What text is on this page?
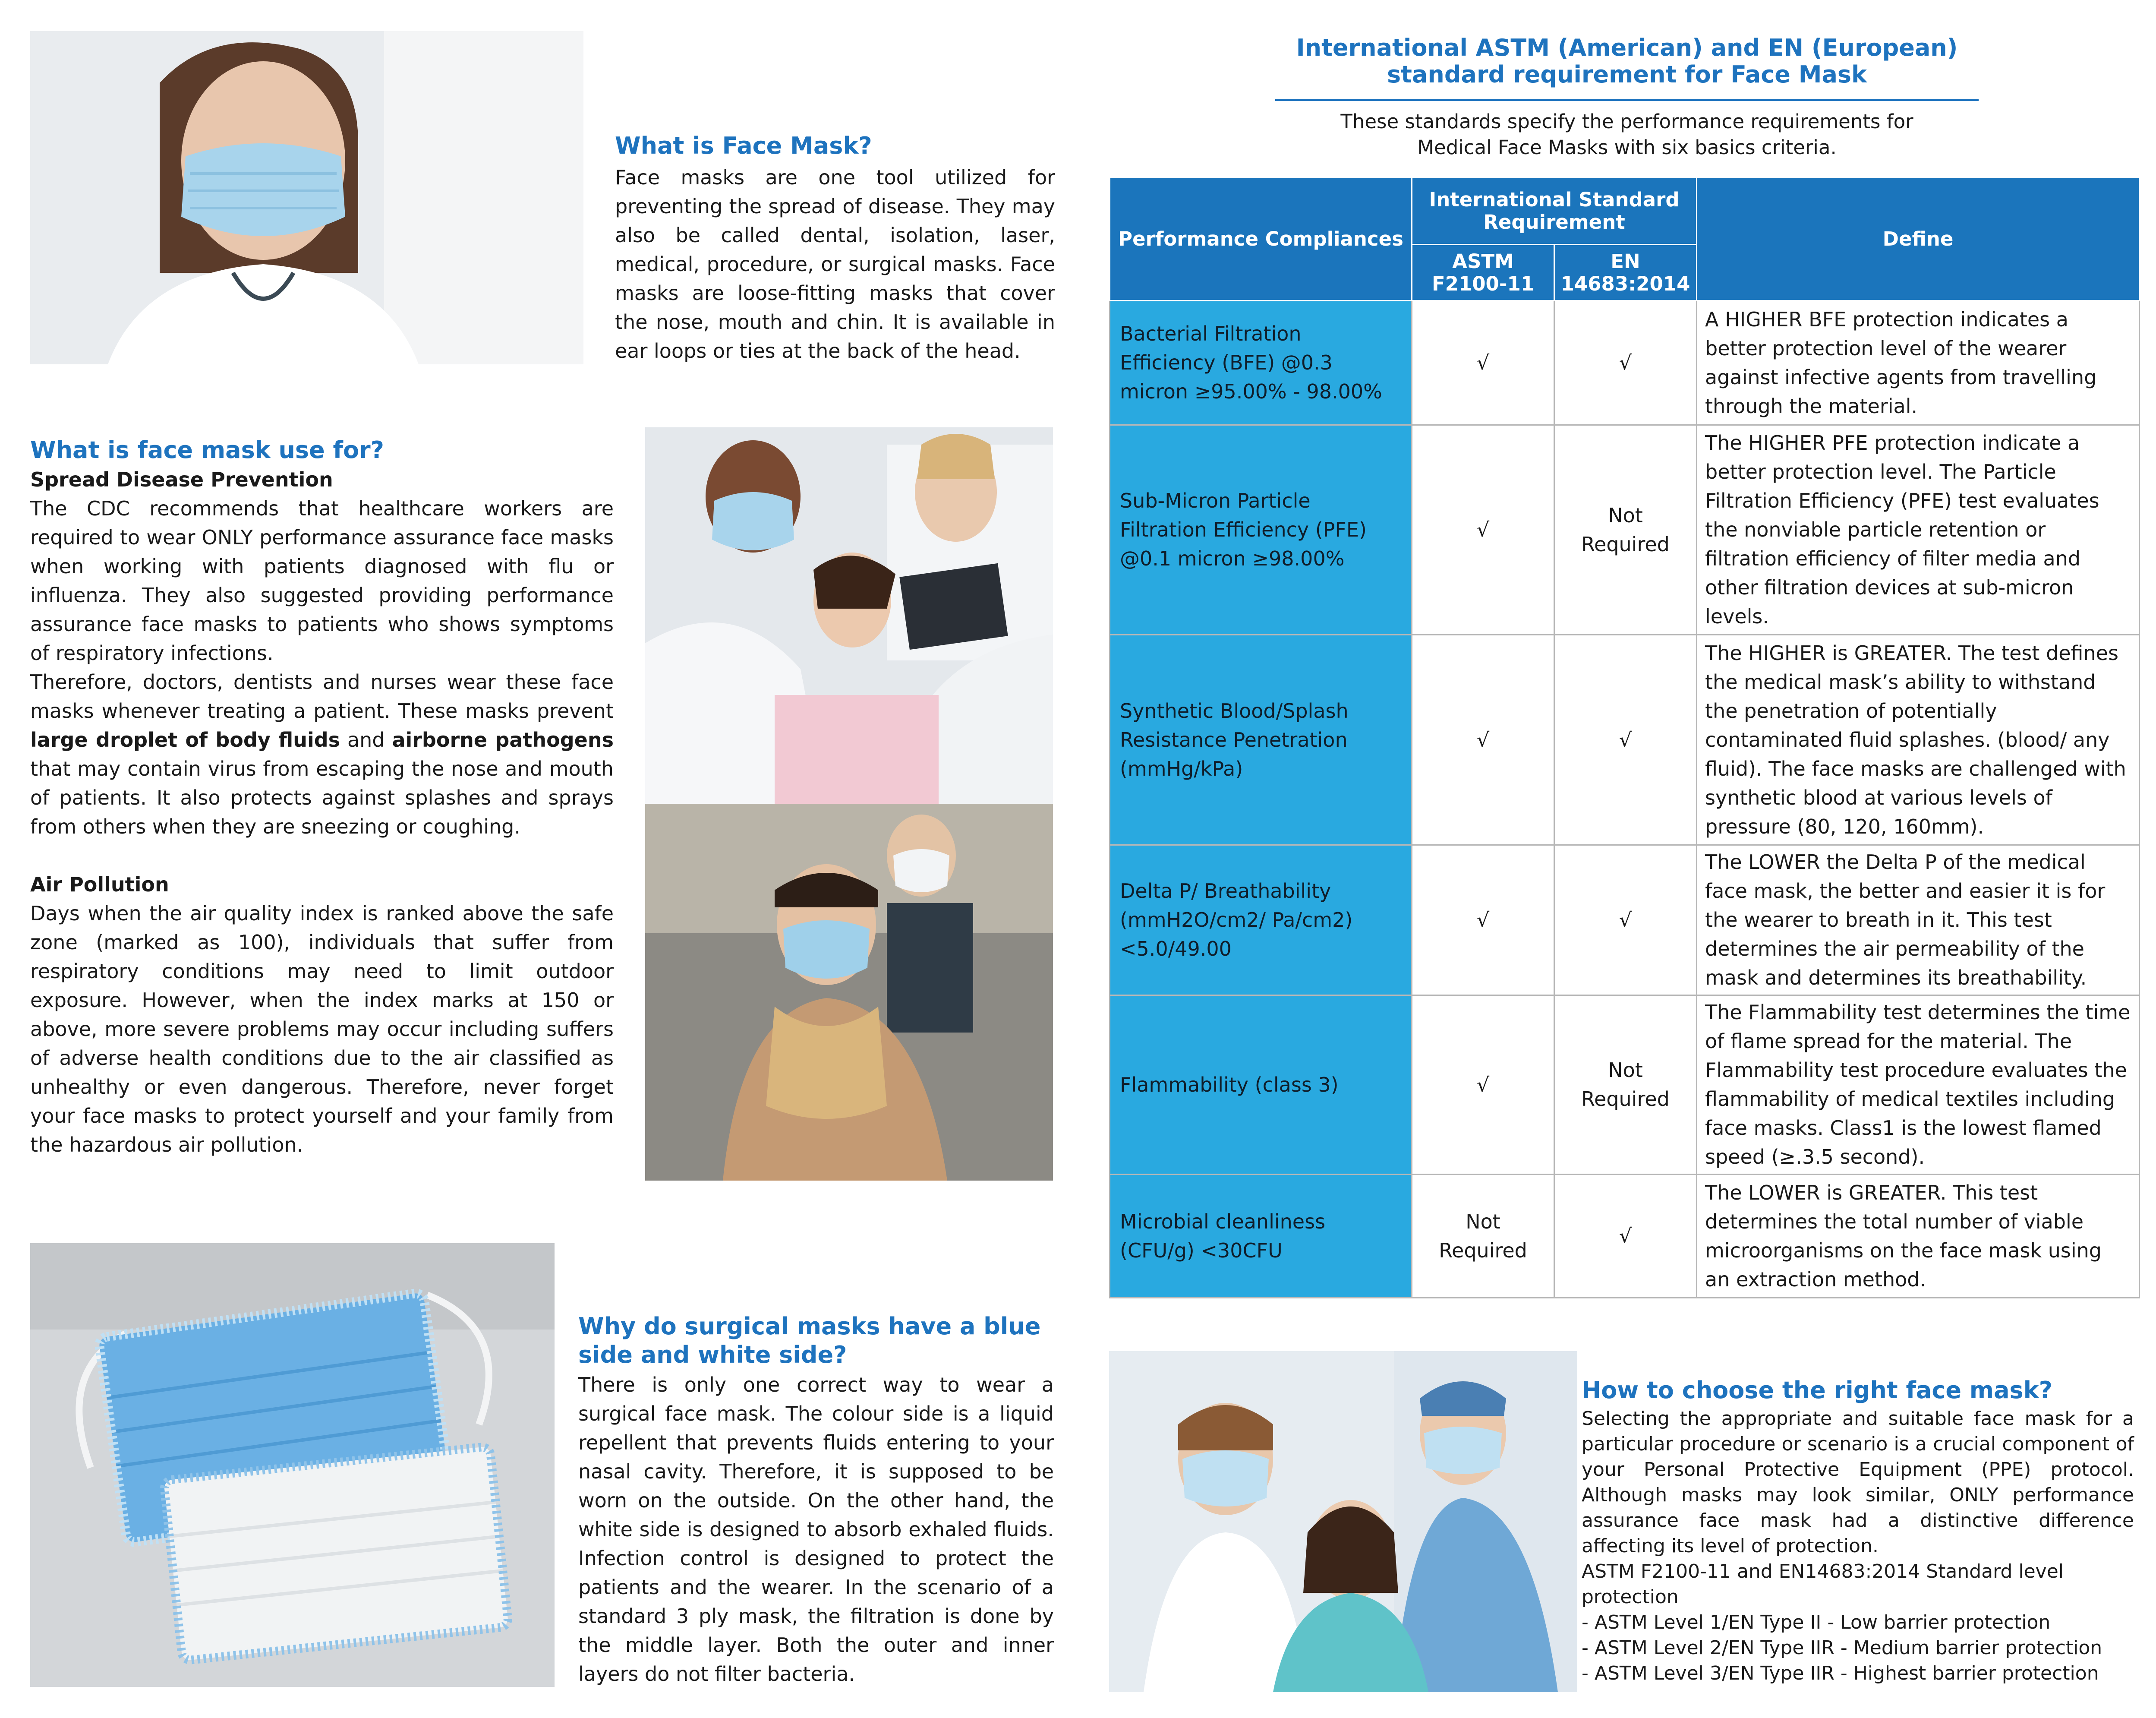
What is Face Mask?

Face masks are one tool utilized for preventing the spread of disease. They may also be called dental, isolation, laser, medical, procedure, or surgical masks. Face masks are loose-fitting masks that cover the nose, mouth and chin. It is available in ear loops or ties at the back of the head.

What is face mask use for?

Spread Disease Prevention

The CDC recommends that healthcare workers are required to wear ONLY performance assurance face masks when working with patients diagnosed with flu or influenza. They also suggested providing performance assurance face masks to patients who shows symptoms of respiratory infections.

Therefore, doctors, dentists and nurses wear these face masks whenever treating a patient. These masks prevent large droplet of body fluids and airborne pathogens that may contain virus from escaping the nose and mouth of patients. It also protects against splashes and sprays from others when they are sneezing or coughing.

Air Pollution

Days when the air quality index is ranked above the safe zone (marked as 100), individuals that suffer from respiratory conditions may need to limit outdoor exposure. However, when the index marks at 150 or above, more severe problems may occur including suffers of adverse health conditions due to the air classified as unhealthy or even dangerous. Therefore, never forget your face masks to protect yourself and your family from the hazardous air pollution.

Why do surgical masks have a blue side and white side?

There is only one correct way to wear a surgical face mask. The colour side is a liquid repellent that prevents fluids entering to your nasal cavity. Therefore, it is supposed to be worn on the outside. On the other hand, the white side is designed to absorb exhaled fluids. Infection control is designed to protect the patients and the wearer. In the scenario of a standard 3 ply mask, the filtration is done by the middle layer. Both the outer and inner layers do not filter bacteria.

International ASTM (American) and EN (European)
standard requirement for Face Mask
These standards specify the performance requirements for
Medical Face Masks with six basics criteria.
Performance Compliances	International Standard Requirement		Define
	ASTM F2100-11	EN 14683:2014	
Bacterial Filtration Efficiency (BFE) @0.3 micron ≥95.00% - 98.00%	√	√	A HIGHER BFE protection indicates a better protection level of the wearer against infective agents from travelling through the material.
Sub-Micron Particle Filtration Efficiency (PFE) @0.1 micron ≥98.00%	√	Not Required	The HIGHER PFE protection indicate a better protection level. The Particle Filtration Efficiency (PFE) test evaluates the nonviable particle retention or filtration efficiency of filter media and other filtration devices at sub-micron levels.
Synthetic Blood/Splash Resistance Penetration (mmHg/kPa)	√	√	The HIGHER is GREATER. The test defines the medical mask’s ability to withstand the penetration of potentially contaminated fluid splashes. (blood/ any fluid). The face masks are challenged with synthetic blood at various levels of pressure (80, 120, 160mm).
Delta P/ Breathability (mmH2O/cm2/ Pa/cm2) <5.0/49.00	√	√	The LOWER the Delta P of the medical face mask, the better and easier it is for the wearer to breath in it. This test determines the air permeability of the mask and determines its breathability.
Flammability (class 3)	√	Not Required	The Flammability test determines the time of flame spread for the material. The Flammability test procedure evaluates the flammability of medical textiles including face masks. Class1 is the lowest flamed speed (≥.3.5 second).
Microbial cleanliness (CFU/g) <30CFU	Not Required	√	The LOWER is GREATER. This test determines the total number of viable microorganisms on the face mask using an extraction method.
How to choose the right face mask?

Selecting the appropriate and suitable face mask for a particular procedure or scenario is a crucial component of your Personal Protective Equipment (PPE) protocol. Although masks may look similar, ONLY performance assurance face mask had a distinctive difference affecting its level of protection.

ASTM F2100-11 and EN14683:2014 Standard level protection

- ASTM Level 1/EN Type II - Low barrier protection

- ASTM Level 2/EN Type IIR - Medium barrier protection

- ASTM Level 3/EN Type IIR - Highest barrier protection
